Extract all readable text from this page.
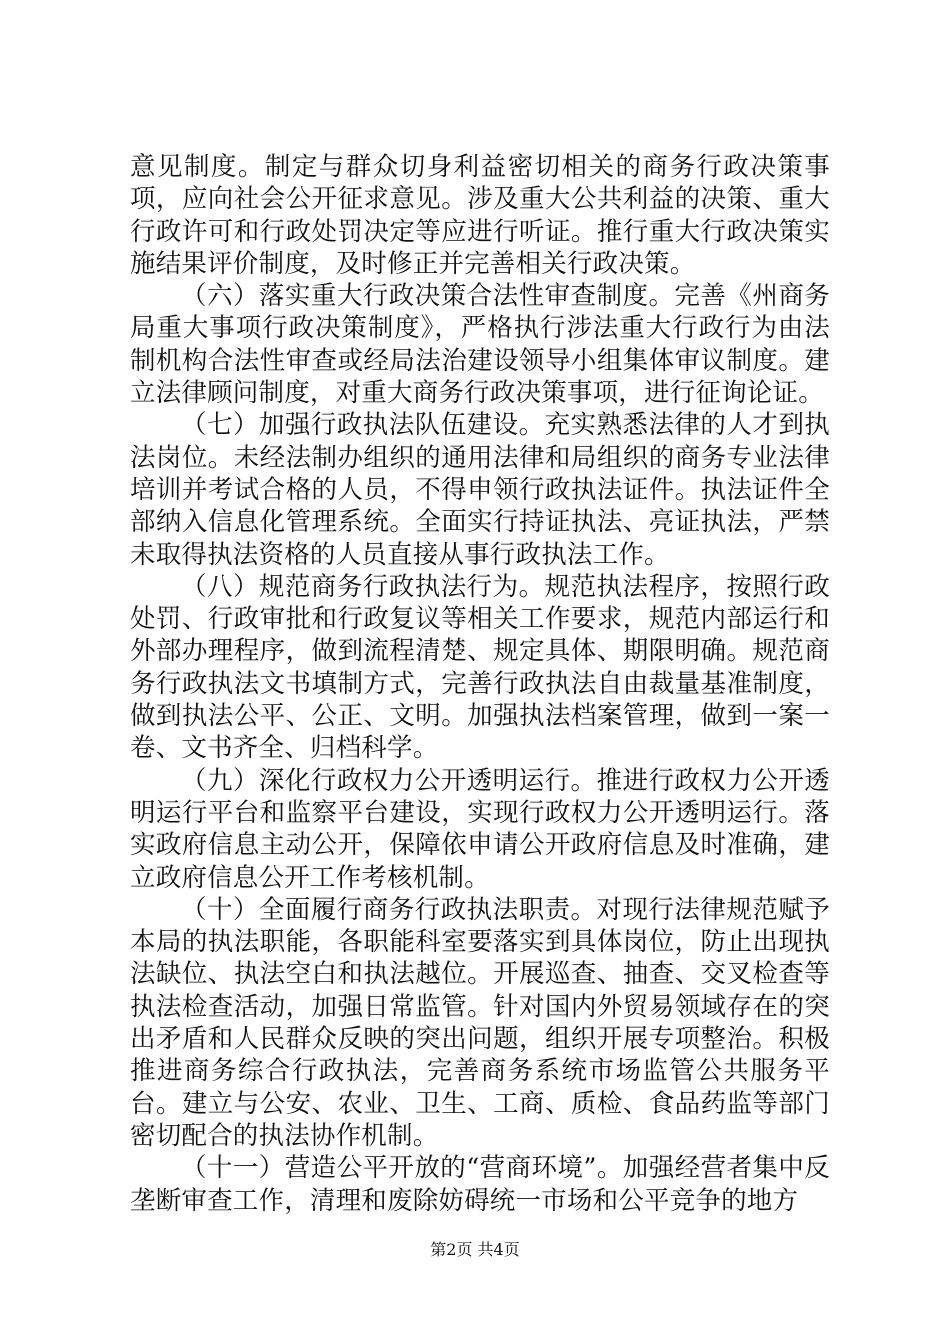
意见制度。制定与群众切身利益密切相关的商务行政决策事项，应向社会公开征求意见。涉及重大公共利益的决策、重大行政许可和行政处罚决定等应进行听证。推行重大行政决策实施结果评价制度，及时修正并完善相关行政决策。

（六）落实重大行政决策合法性审查制度。完善《州商务局重大事项行政决策制度》，严格执行涉法重大行政行为由法制机构合法性审查或经局法治建设领导小组集体审议制度。建立法律顾问制度，对重大商务行政决策事项，进行征询论证。

（七）加强行政执法队伍建设。充实熟悉法律的人才到执法岗位。未经法制办组织的通用法律和局组织的商务专业法律培训并考试合格的人员，不得申领行政执法证件。执法证件全部纳入信息化管理系统。全面实行持证执法、亮证执法，严禁未取得执法资格的人员直接从事行政执法工作。

（八）规范商务行政执法行为。规范执法程序，按照行政处罚、行政审批和行政复议等相关工作要求，规范内部运行和外部办理程序，做到流程清楚、规定具体、期限明确。规范商务行政执法文书填制方式，完善行政执法自由裁量基准制度，做到执法公平、公正、文明。加强执法档案管理，做到一案一卷、文书齐全、归档科学。

（九）深化行政权力公开透明运行。推进行政权力公开透明运行平台和监察平台建设，实现行政权力公开透明运行。落实政府信息主动公开，保障依申请公开政府信息及时准确，建立政府信息公开工作考核机制。

（十）全面履行商务行政执法职责。对现行法律规范赋予本局的执法职能，各职能科室要落实到具体岗位，防止出现执法缺位、执法空白和执法越位。开展巡查、抽查、交叉检查等执法检查活动，加强日常监管。针对国内外贸易领域存在的突出矛盾和人民群众反映的突出问题，组织开展专项整治。积极推进商务综合行政执法，完善商务系统市场监管公共服务平台。建立与公安、农业、卫生、工商、质检、食品药监等部门密切配合的执法协作机制。

（十一）营造公平开放的“营商环境”。加强经营者集中反垄断审查工作，清理和废除妨碍统一市场和公平竞争的地方

第2页 共4页
